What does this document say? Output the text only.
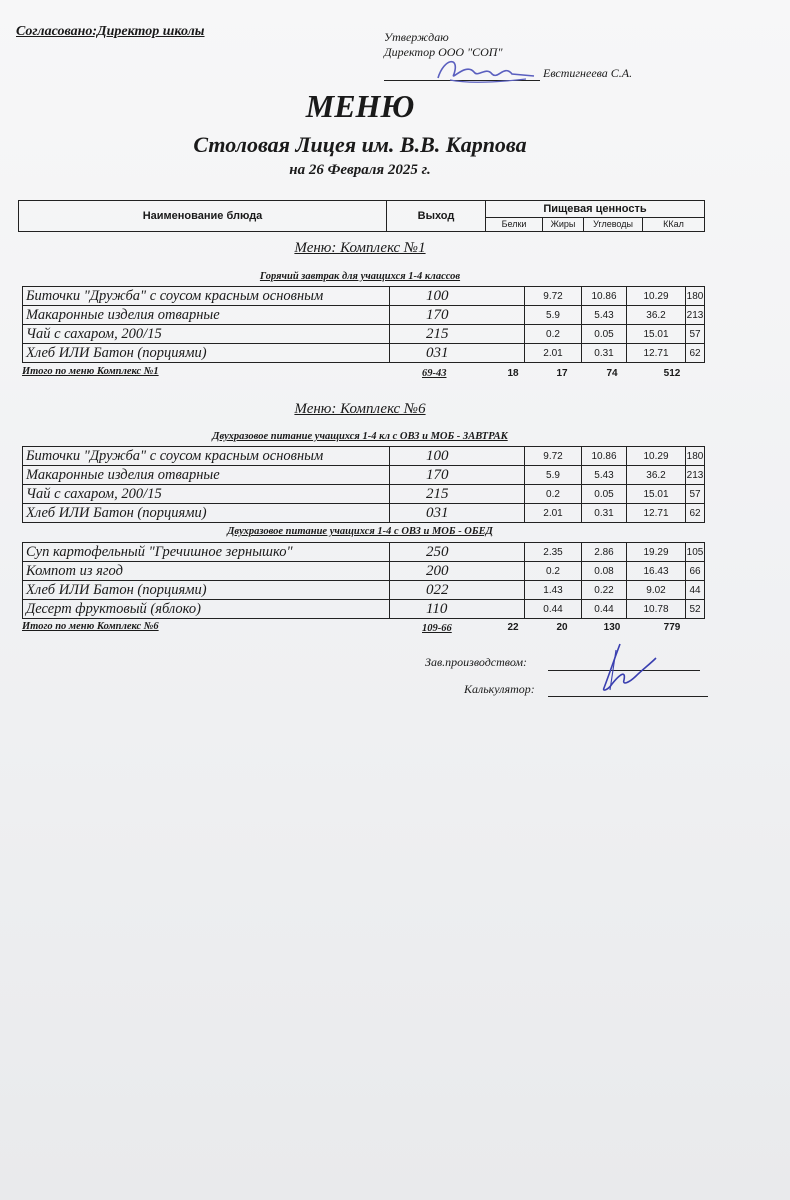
Согласовано:Директор школы	Утверждаю
Директор ООО "СОП"
Евстигнеева С.А.
МЕНЮ
Столовая Лицея им. В.В. Карпова
на 26 Февраля 2025 г.
Наименование блюда	Выход	Пищевая ценность			
		Белки	Жиры	Углеводы	ККал
Меню: Комплекс №1
Горячий завтрак для учащихся 1-4 классов
Биточки "Дружба" с соусом красным основным	100	9.72	10.86	10.29	180
Макаронные изделия отварные	170	5.9	5.43	36.2	213
Чай с сахаром, 200/15	215	0.2	0.05	15.01	57
Хлеб ИЛИ Батон (порциями)	031	2.01	0.31	12.71	62
Итого по меню Комплекс №1	69-43	18	17	74	512
Меню: Комплекс №6
Двухразовое питание учащихся 1-4 кл с ОВЗ и МОБ - ЗАВТРАК
Биточки "Дружба" с соусом красным основным	100	9.72	10.86	10.29	180
Макаронные изделия отварные	170	5.9	5.43	36.2	213
Чай с сахаром, 200/15	215	0.2	0.05	15.01	57
Хлеб ИЛИ Батон (порциями)	031	2.01	0.31	12.71	62
Двухразовое питание учащихся 1-4 с ОВЗ и МОБ - ОБЕД
Суп картофельный "Гречишное зернышко"	250	2.35	2.86	19.29	105
Компот из ягод	200	0.2	0.08	16.43	66
Хлеб ИЛИ Батон (порциями)	022	1.43	0.22	9.02	44
Десерт фруктовый (яблоко)	110	0.44	0.44	10.78	52
Итого по меню Комплекс №6	109-66	22	20	130	779
Зав.производством:
Калькулятор:
